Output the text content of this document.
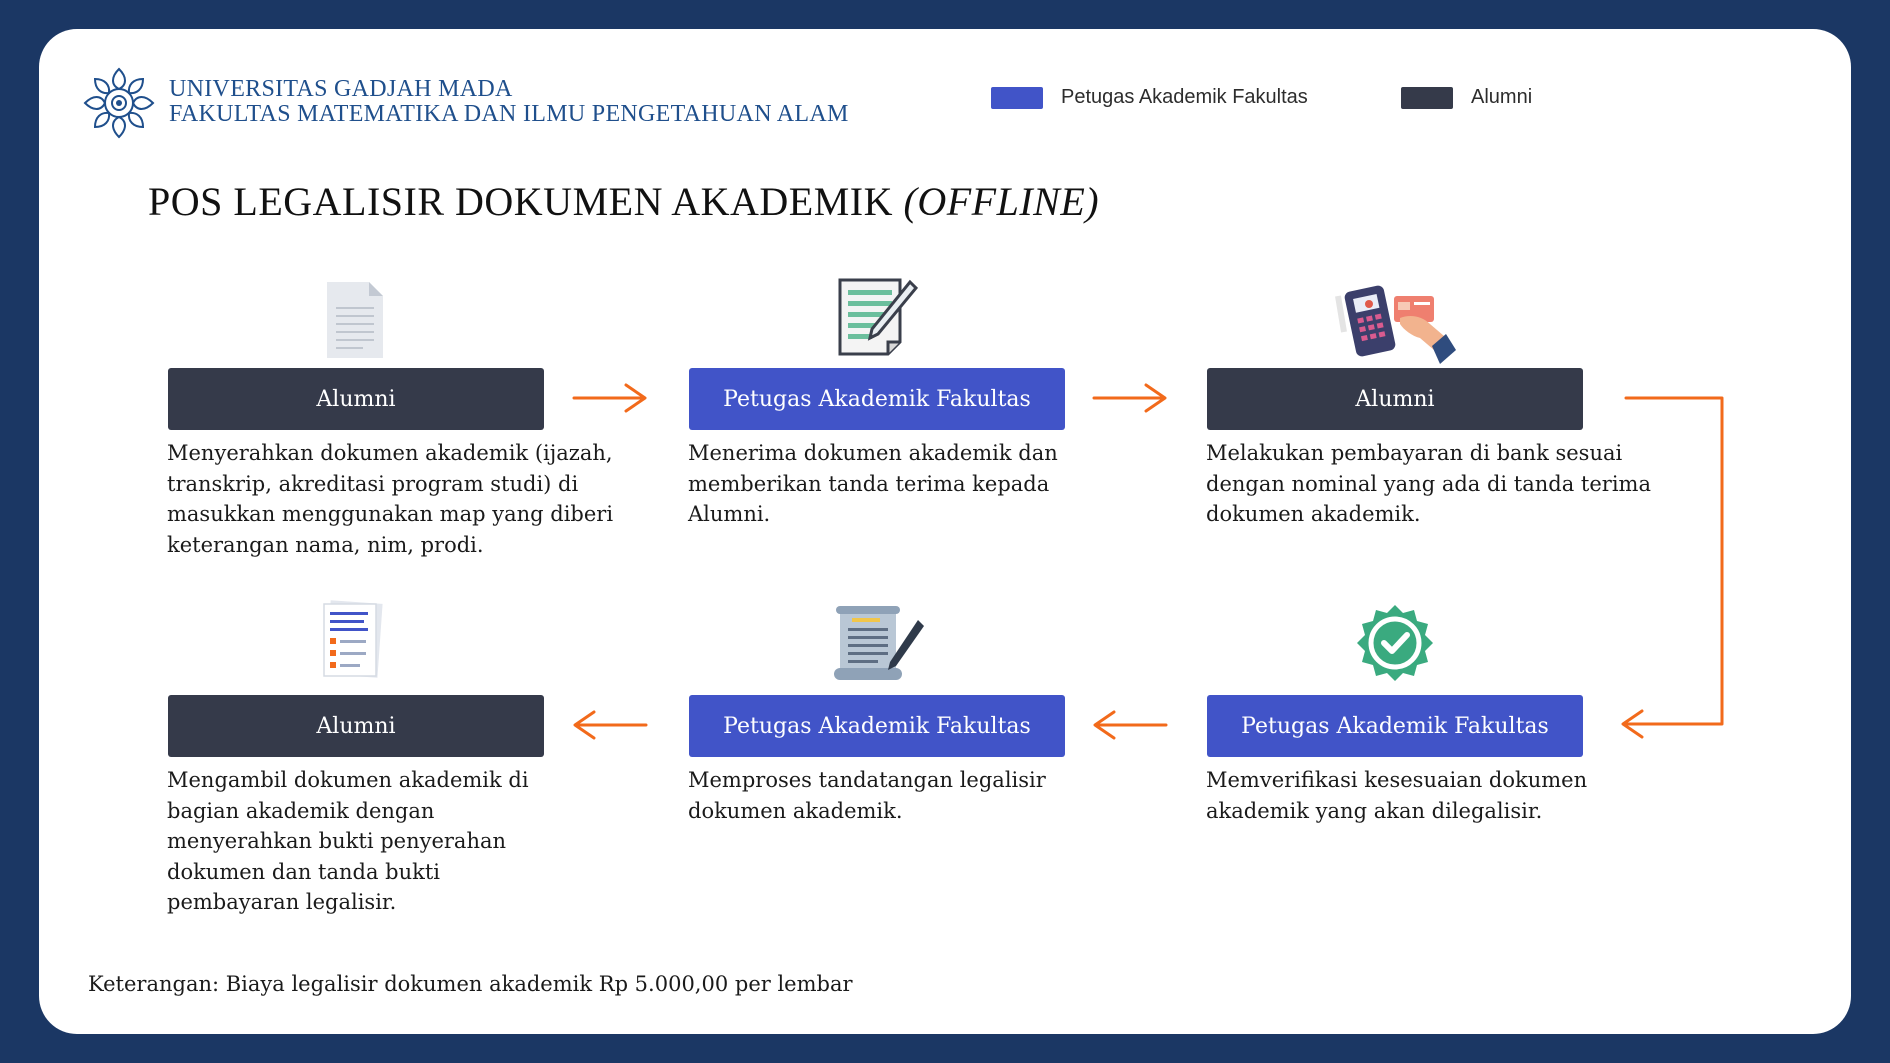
UNIVERSITAS GADJAH MADA
FAKULTAS MATEMATIKA DAN ILMU PENGETAHUAN ALAM
Petugas Akademik Fakultas	Alumni
POS LEGALISIR DOKUMEN AKADEMIK (OFFLINE)
Alumni	Petugas Akademik Fakultas	Alumni
Alumni	Petugas Akademik Fakultas	Petugas Akademik Fakultas
Menyerahkan dokumen akademik (ijazah, transkrip, akreditasi program studi) di masukkan menggunakan map yang diberi keterangan nama, nim, prodi.
Menerima dokumen akademik dan memberikan tanda terima kepada Alumni.
Melakukan pembayaran di bank sesuai dengan nominal yang ada di tanda terima dokumen akademik.
Mengambil dokumen akademik di bagian akademik dengan menyerahkan bukti penyerahan dokumen dan tanda bukti pembayaran legalisir.
Memproses tandatangan legalisir dokumen akademik.
Memverifikasi kesesuaian dokumen akademik yang akan dilegalisir.
Keterangan: Biaya legalisir dokumen akademik Rp 5.000,00 per lembar
